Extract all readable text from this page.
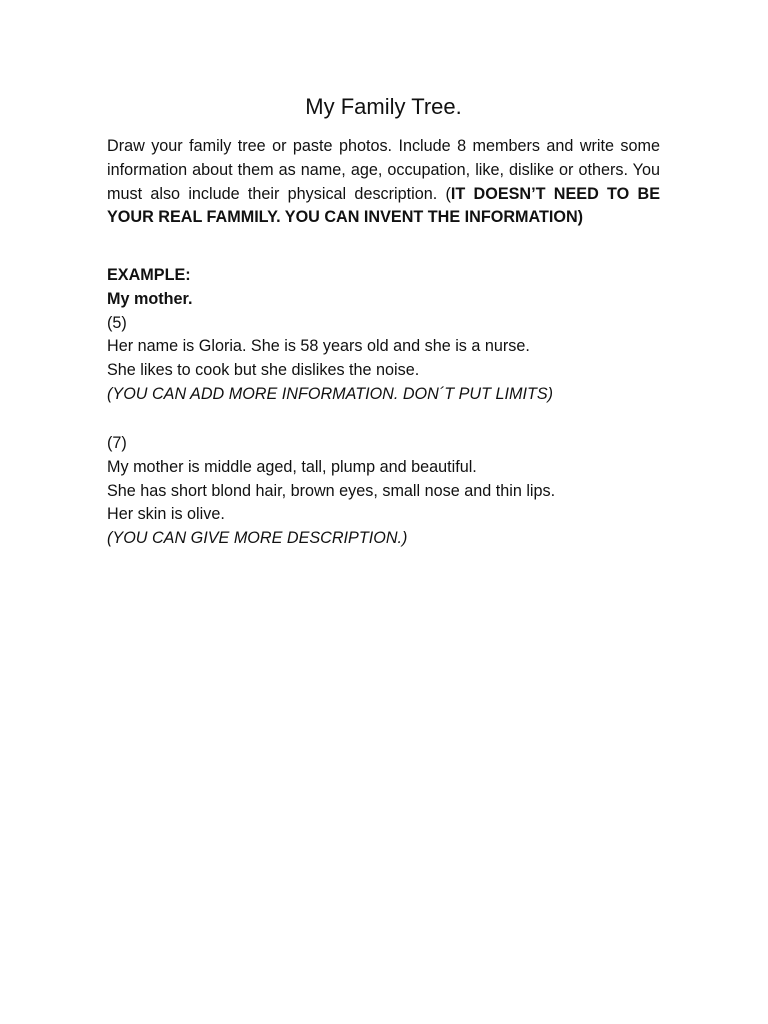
My Family Tree.

Draw your family tree or paste photos. Include 8 members and write some information about them as name, age, occupation, like, dislike or others. You must also include their physical description. (IT DOESN’T NEED TO BE YOUR REAL FAMMILY. YOU CAN INVENT THE INFORMATION)

EXAMPLE:
My mother.
(5)
Her name is Gloria. She is 58 years old and she is a nurse.
She likes to cook but she dislikes the noise.
(YOU CAN ADD MORE INFORMATION. DON´T PUT LIMITS)
(7)
My mother is middle aged, tall, plump and beautiful.
She has short blond hair, brown eyes, small nose and thin lips.
Her skin is olive.
(YOU CAN GIVE MORE DESCRIPTION.)
